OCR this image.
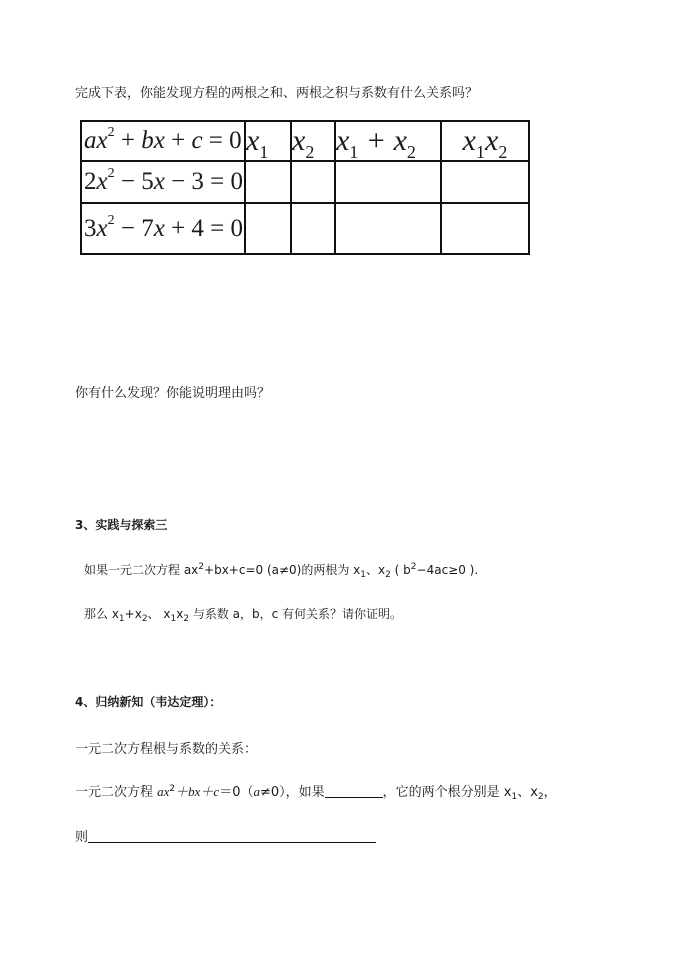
完成下表，你能发现方程的两根之和、两根之积与系数有什么关系吗？
$ax^2$ + bx + c = 0	$x_1$	$x_2$	$x_1 + x_2$	$x_1x_2$
$2x^2 - 5x - 3 = 0$				
$3x^2 - 7x + 4 = 0$				
你有什么发现？你能说明理由吗？
3、实践与探索三
如果一元二次方程 $ax^2+bx+c=0$ (a≠0)的两根为 $x_1$、$x_2$ ( $b^2-4ac\ge 0$ ).
那么 $x_1+x_2$、 $x_1x_2$ 与系数 a，b，c 有何关系？请你证明。
4、归纳新知（韦达定理）：
一元二次方程根与系数的关系：
一元二次方程 $ax^2+bx+c=0(a\ne 0)$，如果	，它的两个根分别是 $x_1$、$x_2$，
则
